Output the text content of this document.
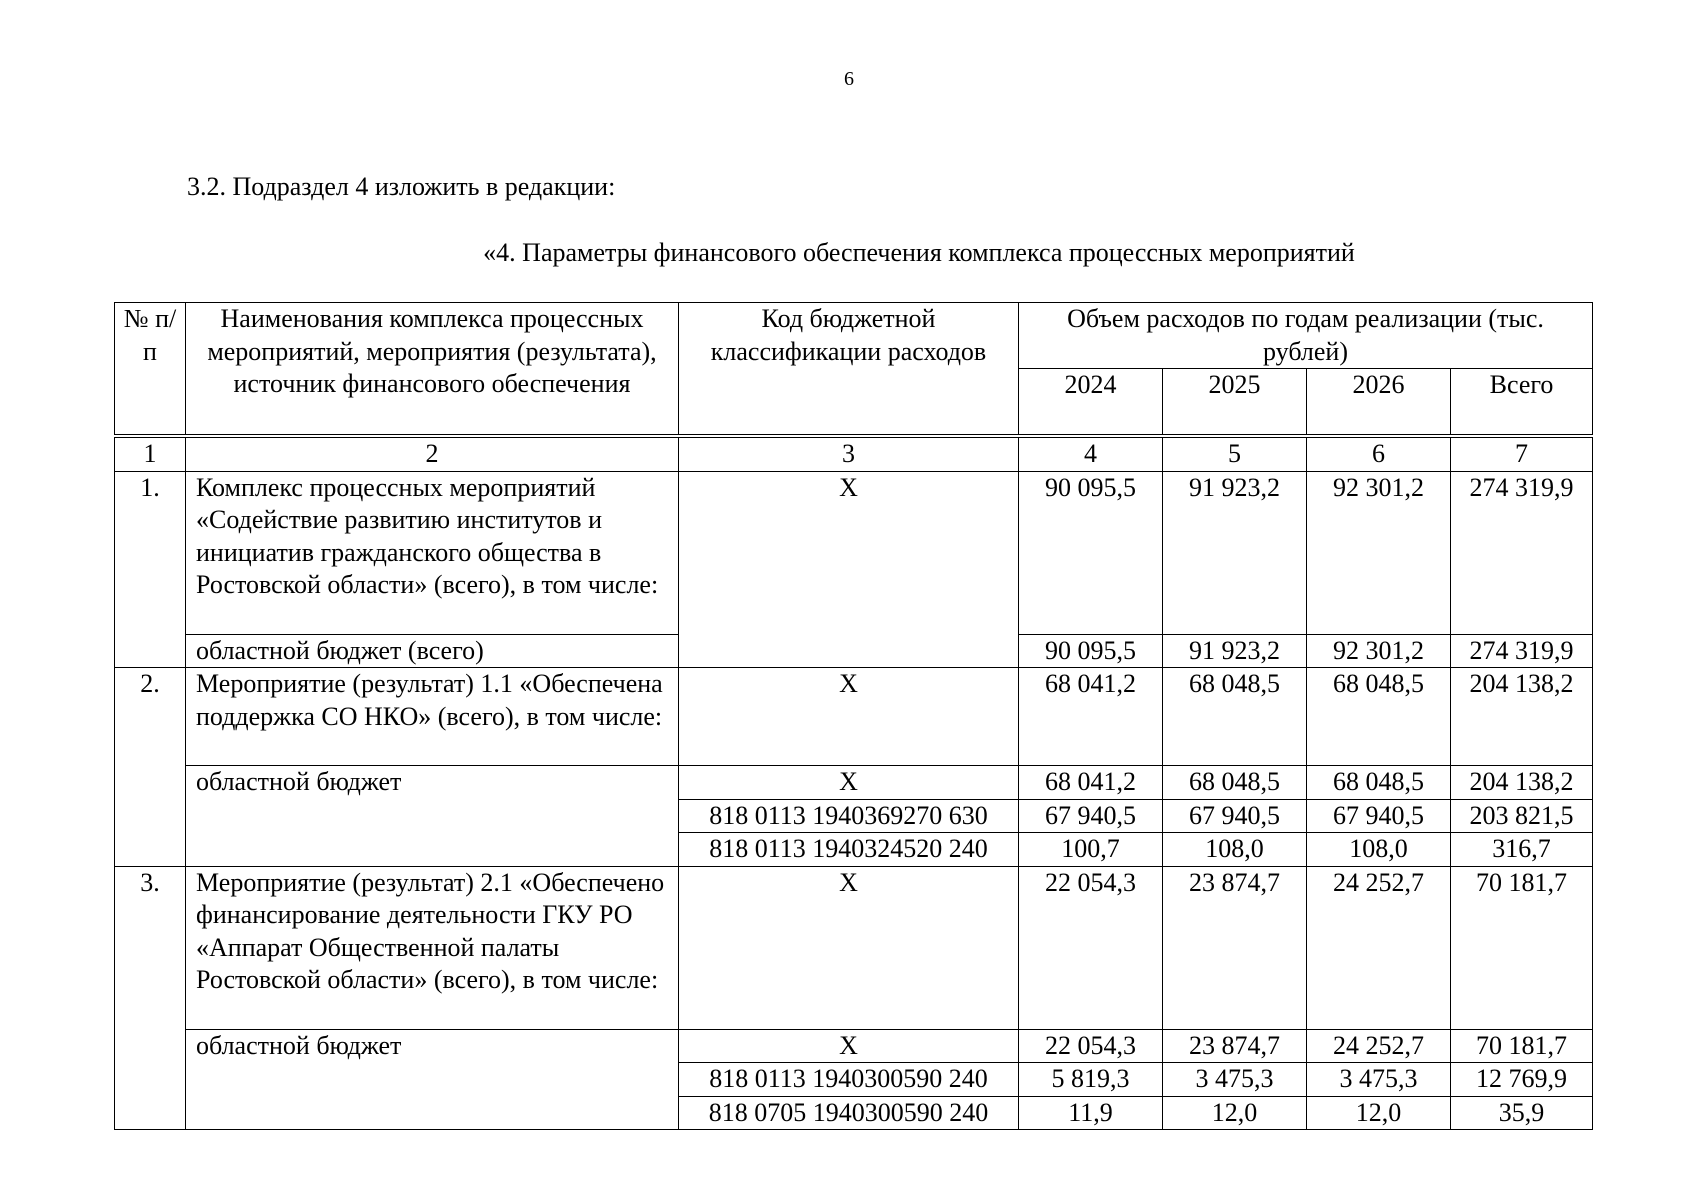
6
3.2. Подраздел 4 изложить в редакции:
«4. Параметры финансового обеспечения комплекса процессных мероприятий
№ п/п	Наименования комплекса процессных мероприятий, мероприятия (результата), источник финансового обеспечения	Код бюджетной классификации расходов	Объем расходов по годам реализации (тыс. рублей)			
			2024	2025	2026	Всего
1	2	3	4	5	6	7
1.	Комплекс процессных мероприятий «Содействие развитию институтов и инициатив гражданского общества в Ростовской области» (всего), в том числе:	Х	90 095,5	91 923,2	92 301,2	274 319,9
	областной бюджет (всего)		90 095,5	91 923,2	92 301,2	274 319,9
2.	Мероприятие (результат) 1.1 «Обеспечена поддержка СО НКО» (всего), в том числе:	Х	68 041,2	68 048,5	68 048,5	204 138,2
	областной бюджет	Х	68 041,2	68 048,5	68 048,5	204 138,2
		818 0113 1940369270 630	67 940,5	67 940,5	67 940,5	203 821,5
		818 0113 1940324520 240	100,7	108,0	108,0	316,7
3.	Мероприятие (результат) 2.1 «Обеспечено финансирование деятельности ГКУ РО «Аппарат Общественной палаты Ростовской области» (всего), в том числе:	Х	22 054,3	23 874,7	24 252,7	70 181,7
	областной бюджет	Х	22 054,3	23 874,7	24 252,7	70 181,7
		818 0113 1940300590 240	5 819,3	3 475,3	3 475,3	12 769,9
		818 0705 1940300590 240	11,9	12,0	12,0	35,9
